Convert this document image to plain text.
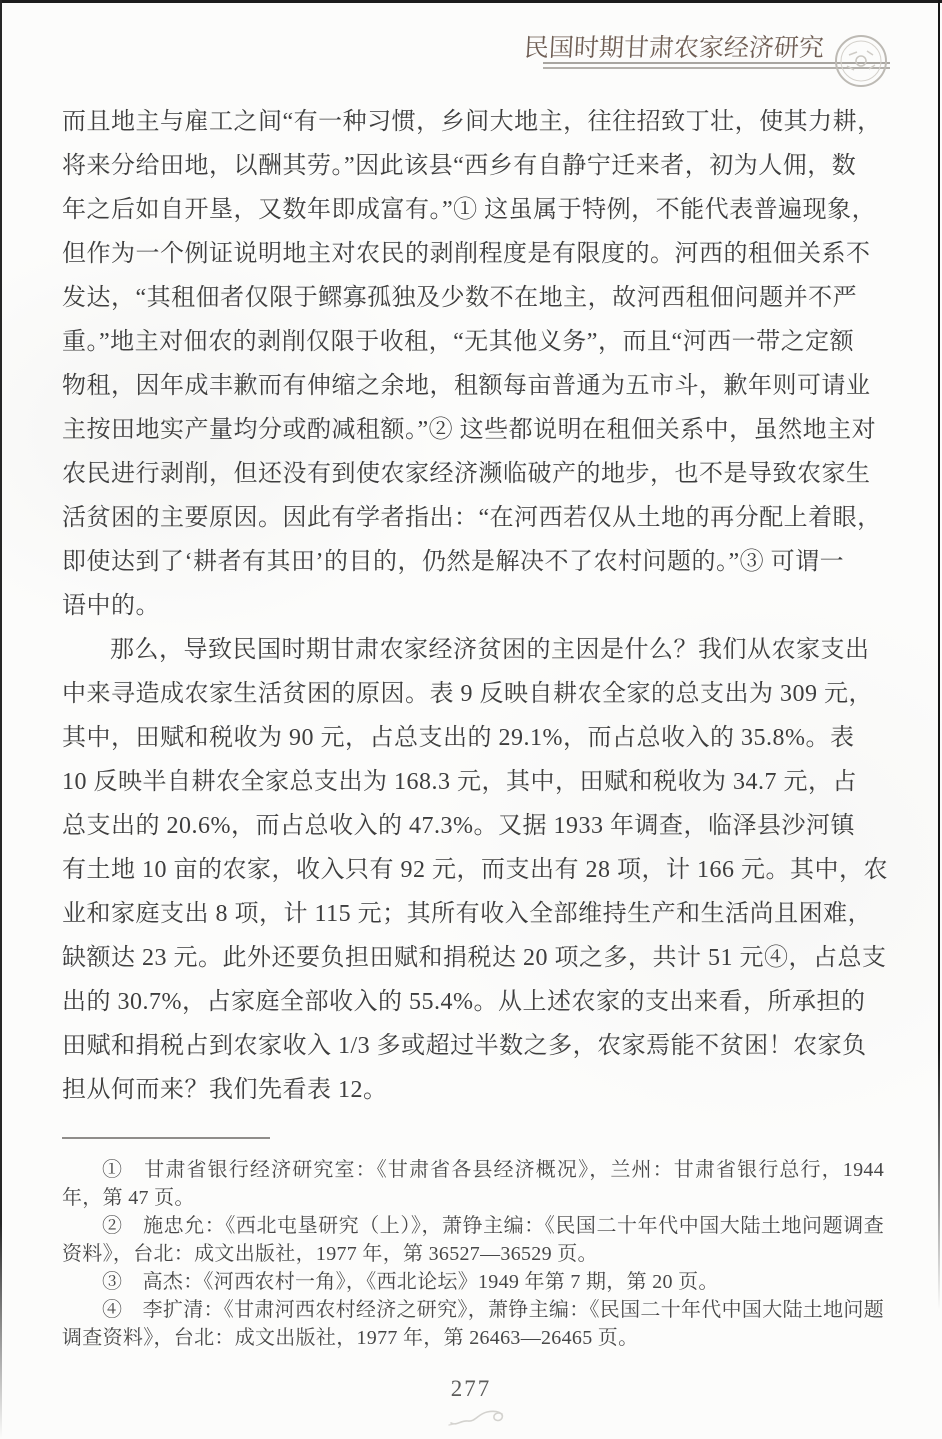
民国时期甘肃农家经济研究
而且地主与雇工之间“有一种习惯，乡间大地主，往往招致丁壮，使其力耕，
将来分给田地，以酬其劳。”因此该县“西乡有自静宁迁来者，初为人佣，数
年之后如自开垦，又数年即成富有。”① 这虽属于特例，不能代表普遍现象，
但作为一个例证说明地主对农民的剥削程度是有限度的。河西的租佃关系不
发达，“其租佃者仅限于鳏寡孤独及少数不在地主，故河西租佃问题并不严
重。”地主对佃农的剥削仅限于收租，“无其他义务”，而且“河西一带之定额
物租，因年成丰歉而有伸缩之余地，租额每亩普通为五市斗，歉年则可请业
主按田地实产量均分或酌减租额。”② 这些都说明在租佃关系中，虽然地主对
农民进行剥削，但还没有到使农家经济濒临破产的地步，也不是导致农家生
活贫困的主要原因。因此有学者指出：“在河西若仅从土地的再分配上着眼，
即使达到了‘耕者有其田’的目的，仍然是解决不了农村问题的。”③ 可谓一
语中的。
那么，导致民国时期甘肃农家经济贫困的主因是什么？我们从农家支出
中来寻造成农家生活贫困的原因。表 9 反映自耕农全家的总支出为 309 元，
其中，田赋和税收为 90 元，占总支出的 29.1%，而占总收入的 35.8%。表
10 反映半自耕农全家总支出为 168.3 元，其中，田赋和税收为 34.7 元，占
总支出的 20.6%，而占总收入的 47.3%。又据 1933 年调查，临泽县沙河镇
有土地 10 亩的农家，收入只有 92 元，而支出有 28 项，计 166 元。其中，农
业和家庭支出 8 项，计 115 元；其所有收入全部维持生产和生活尚且困难，
缺额达 23 元。此外还要负担田赋和捐税达 20 项之多，共计 51 元④，占总支
出的 30.7%，占家庭全部收入的 55.4%。从上述农家的支出来看，所承担的
田赋和捐税占到农家收入 1/3 多或超过半数之多，农家焉能不贫困！农家负
担从何而来？我们先看表 12。

①　甘肃省银行经济研究室：《甘肃省各县经济概况》，兰州：甘肃省银行总行，1944 年，第 47 页。

②　施忠允：《西北屯垦研究（上）》，萧铮主编：《民国二十年代中国大陆土地问题调查资料》，台北：成文出版社，1977 年，第 36527—36529 页。

③　高杰：《河西农村一角》，《西北论坛》1949 年第 7 期，第 20 页。

④　李扩清：《甘肃河西农村经济之研究》，萧铮主编：《民国二十年代中国大陆土地问题调查资料》，台北：成文出版社，1977 年，第 26463—26465 页。

277
